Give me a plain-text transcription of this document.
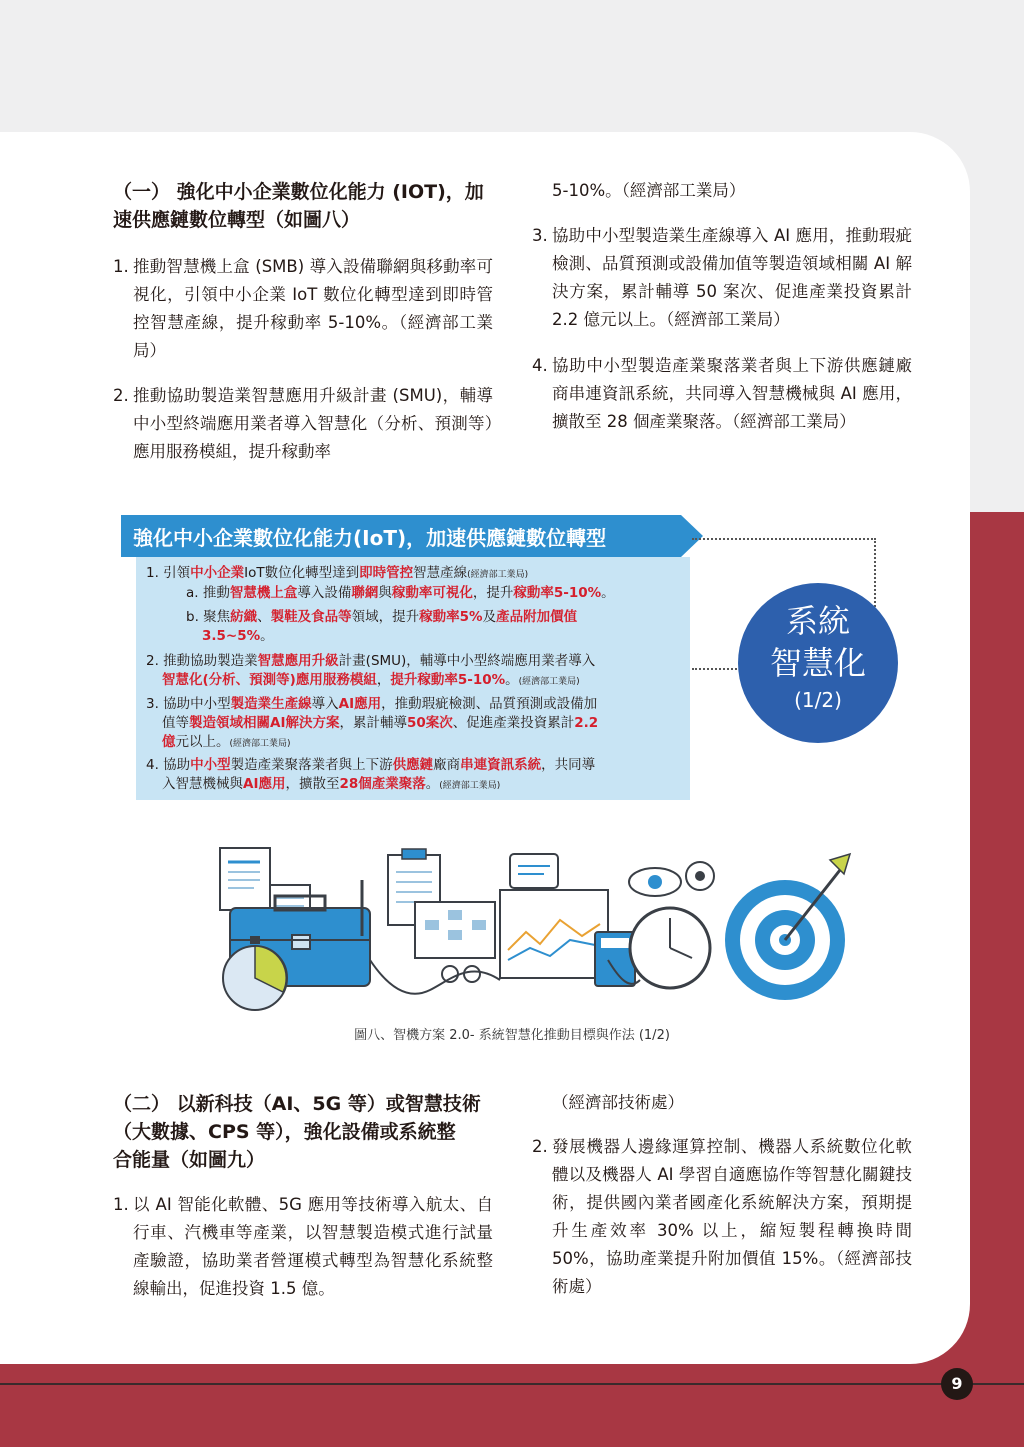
（一） 強化中小企業數位化能力 (IOT)，加
速供應鏈數位轉型（如圖八）
1. 推動智慧機上盒 (SMB) 導入設備聯網與移動率可視化，引領中小企業 IoT 數位化轉型達到即時管控智慧產線，提升稼動率 5-10%。（經濟部工業局）
2. 推動協助製造業智慧應用升級計畫 (SMU)，輔導中小型終端應用業者導入智慧化（分析、預測等）應用服務模組，提升稼動率
5-10%。（經濟部工業局）
3. 協助中小型製造業生產線導入 AI 應用，推動瑕疵檢測、品質預測或設備加值等製造領域相關 AI 解決方案，累計輔導 50 案次、促進產業投資累計 2.2 億元以上。（經濟部工業局）
4. 協助中小型製造產業聚落業者與上下游供應鏈廠商串連資訊系統，共同導入智慧機械與 AI 應用，擴散至 28 個產業聚落。（經濟部工業局）
強化中小企業數位化能力(IoT)，加速供應鏈數位轉型
1. 引領中小企業IoT數位化轉型達到即時管控智慧產線(經濟部工業局)
a. 推動智慧機上盒導入設備聯網與稼動率可視化，提升稼動率5-10%。
b. 聚焦紡織、製鞋及食品等領域，提升稼動率5%及產品附加價值
3.5~5%。
2. 推動協助製造業智慧應用升級計畫(SMU)，輔導中小型終端應用業者導入
智慧化(分析、預測等)應用服務模組，提升稼動率5-10%。(經濟部工業局)
3. 協助中小型製造業生產線導入AI應用，推動瑕疵檢測、品質預測或設備加
值等製造領域相關AI解決方案，累計輔導50案次、促進產業投資累計2.2
億元以上。(經濟部工業局)
4. 協助中小型製造產業聚落業者與上下游供應鏈廠商串連資訊系統，共同導
入智慧機械與AI應用，擴散至28個產業聚落。(經濟部工業局)
系統
智慧化
(1/2)
圖八、智機方案 2.0- 系統智慧化推動目標與作法 (1/2)
（二） 以新科技（AI、5G 等）或智慧技術
（大數據、CPS 等），強化設備或系統整
合能量（如圖九）
1. 以 AI 智能化軟體、5G 應用等技術導入航太、自行車、汽機車等產業，以智慧製造模式進行試量產驗證，協助業者營運模式轉型為智慧化系統整線輸出，促進投資 1.5 億。
（經濟部技術處）
2. 發展機器人邊緣運算控制、機器人系統數位化軟體以及機器人 AI 學習自適應協作等智慧化關鍵技術，提供國內業者國產化系統解決方案，預期提升生產效率 30% 以上，縮短製程轉換時間 50%，協助產業提升附加價值 15%。（經濟部技術處）
9
